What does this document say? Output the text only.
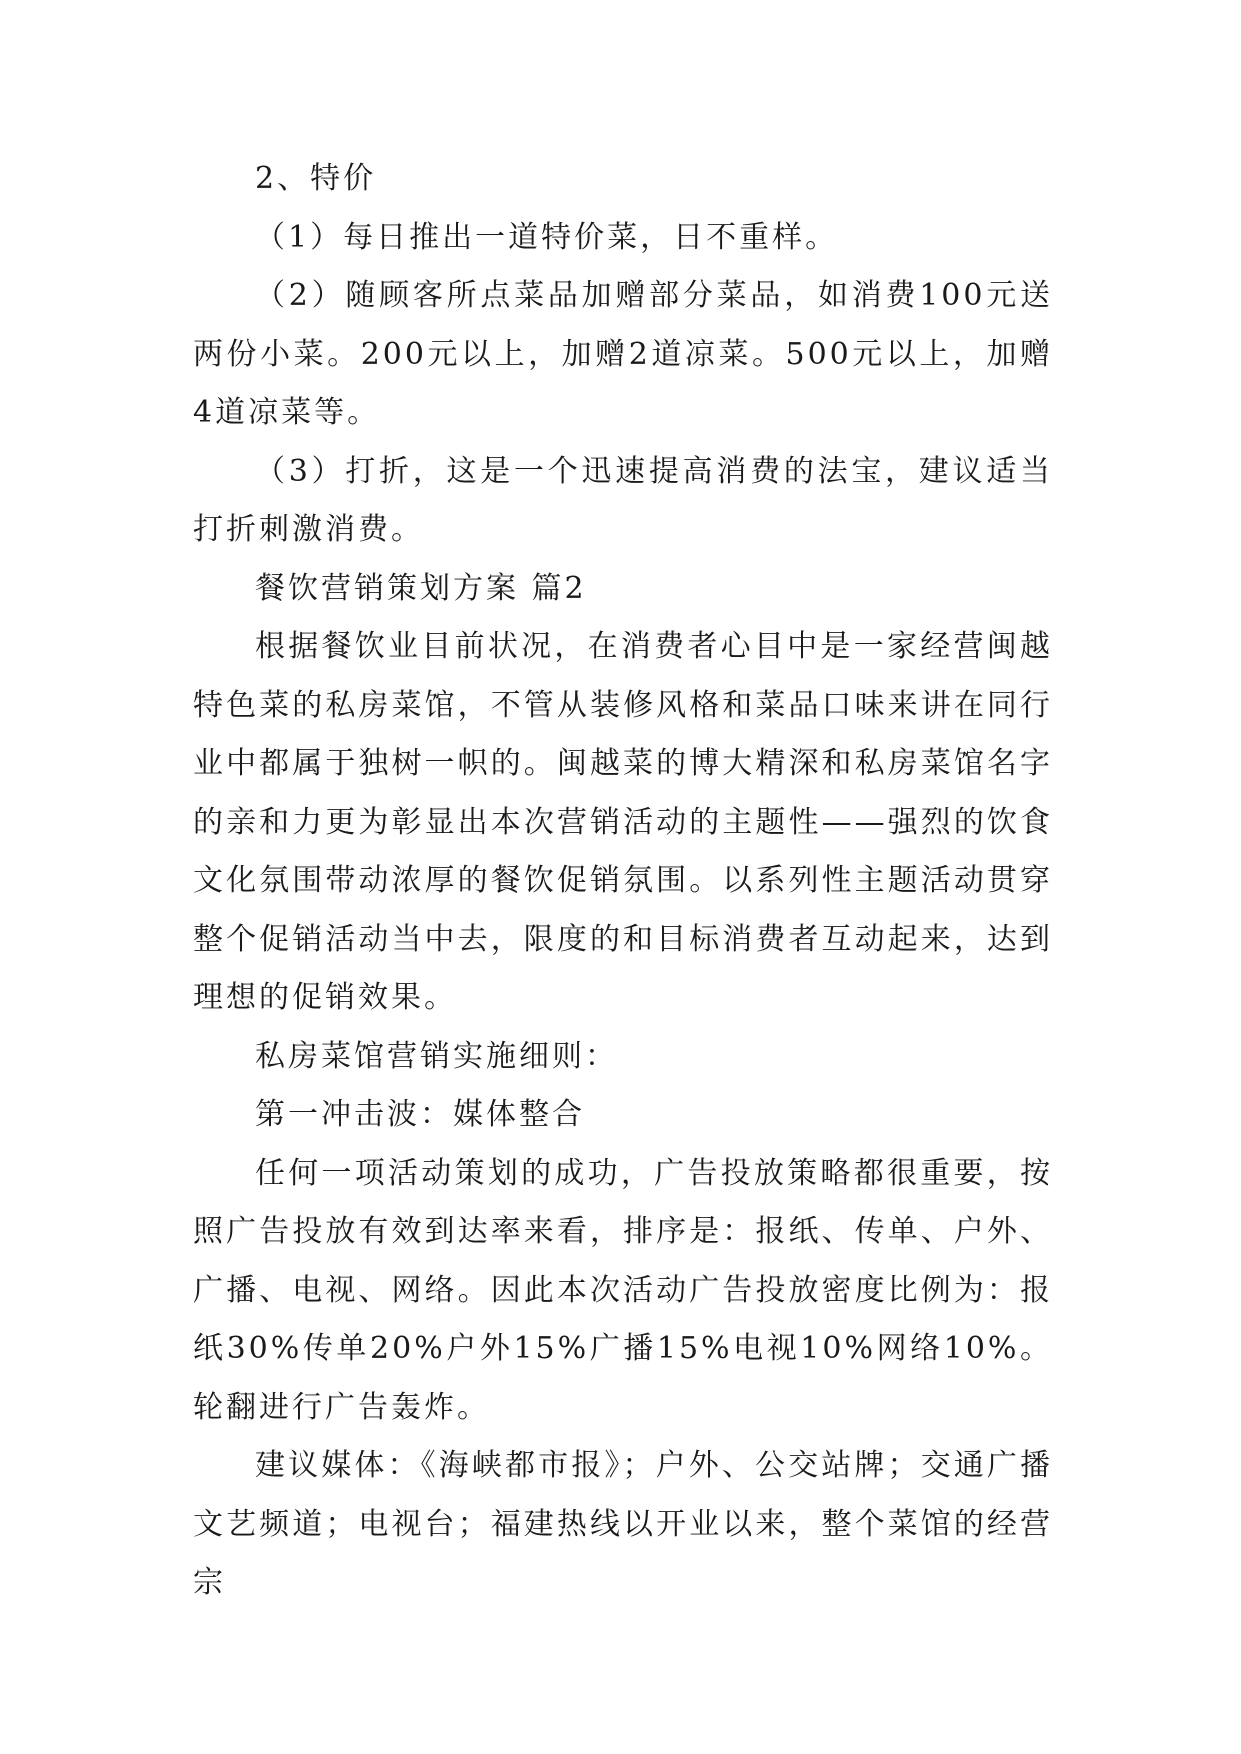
2、特价

（1）每日推出一道特价菜，日不重样。

（2）随顾客所点菜品加赠部分菜品，如消费100元送两份小菜。200元以上，加赠2道凉菜。500元以上，加赠4道凉菜等。

（3）打折，这是一个迅速提高消费的法宝，建议适当打折刺激消费。

餐饮营销策划方案 篇2

根据餐饮业目前状况，在消费者心目中是一家经营闽越特色菜的私房菜馆，不管从装修风格和菜品口味来讲在同行业中都属于独树一帜的。闽越菜的博大精深和私房菜馆名字的亲和力更为彰显出本次营销活动的主题性——强烈的饮食文化氛围带动浓厚的餐饮促销氛围。以系列性主题活动贯穿整个促销活动当中去，限度的和目标消费者互动起来，达到理想的促销效果。

私房菜馆营销实施细则：

第一冲击波：媒体整合

任何一项活动策划的成功，广告投放策略都很重要，按照广告投放有效到达率来看，排序是：报纸、传单、户外、广播、电视、网络。因此本次活动广告投放密度比例为：报纸30%传单20%户外15%广播15%电视10%网络10%。轮翻进行广告轰炸。

建议媒体：《海峡都市报》；户外、公交站牌；交通广播文艺频道；电视台；福建热线以开业以来，整个菜馆的经营宗
